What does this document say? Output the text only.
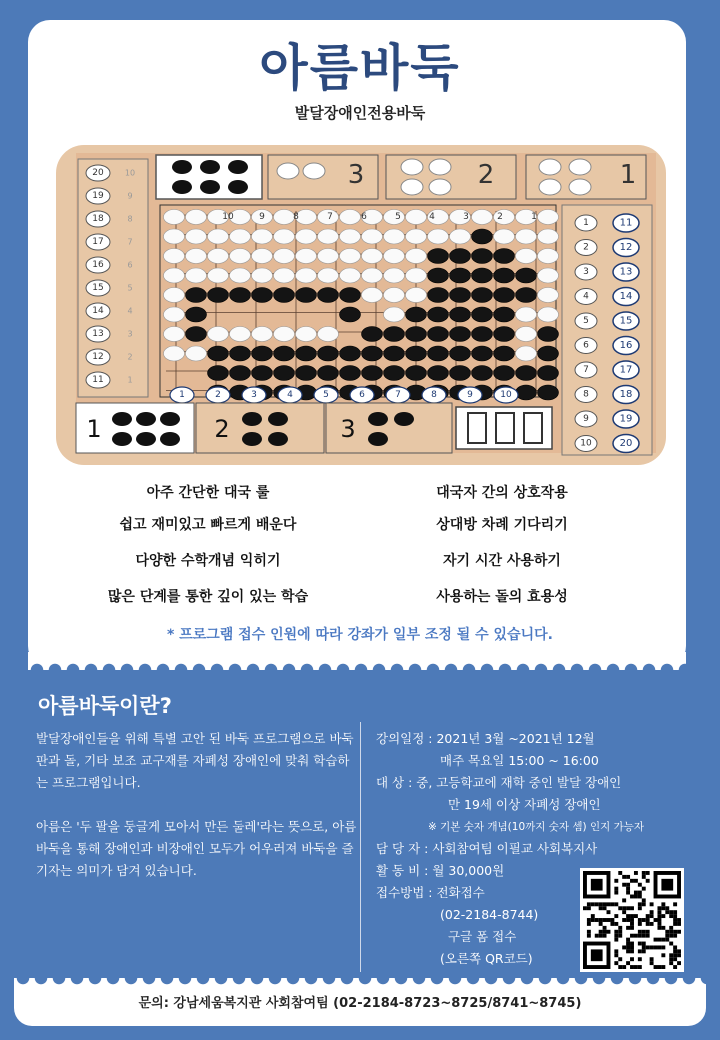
아름바둑
발달장애인전용바둑
3	2	1
20	10
19	9
18	8
17	7
16	6
15	5
14	4
13	3
12	2
11	1
1	11
2	12
3	13
4	14
5	15
6	16
7	17
8	18
9	19
10	20
1
2
3
4
5
6
7
8
9
10
1	2	3	4	5	6	7	8	9	10
1	2	3
아주 간단한 대국 룰
쉽고 재미있고 빠르게 배운다
다양한 수학개념 익히기
많은 단계를 통한 깊이 있는 학습
대국자 간의 상호작용
상대방 차례 기다리기
자기 시간 사용하기
사용하는 돌의 효용성
* 프로그램 접수 인원에 따라 강좌가 일부 조정 될 수 있습니다.
아름바둑이란?

발달장애인들을 위해 특별 고안 된 바둑 프로그램으로 바둑판과 돌, 기타 보조 교구재를 자폐성 장애인에 맞춰 학습하는 프로그램입니다.

아름은 '두 팔을 둥글게 모아서 만든 둘레'라는 뜻으로, 아름 바둑을 통해 장애인과 비장애인 모두가 어우러져 바둑을 즐기자는 의미가 담겨 있습니다.

강의일정 : 2021년 3월 ~2021년 12월
매주 목요일 15:00 ~ 16:00
대 상 : 중, 고등학교에 재학 중인 발달 장애인
만 19세 이상 자폐성 장애인
※ 기본 숫자 개념(10까지 숫자 셈) 인지 가능자
담 당 자 : 사회참여팀 이필교 사회복지사
활 동 비 : 월 30,000원
접수방법 : 전화접수
(02-2184-8744)
구글 폼 접수
(오른쪽 QR코드)
문의: 강남세움복지관 사회참여팀 (02-2184-8723~8725/8741~8745)
